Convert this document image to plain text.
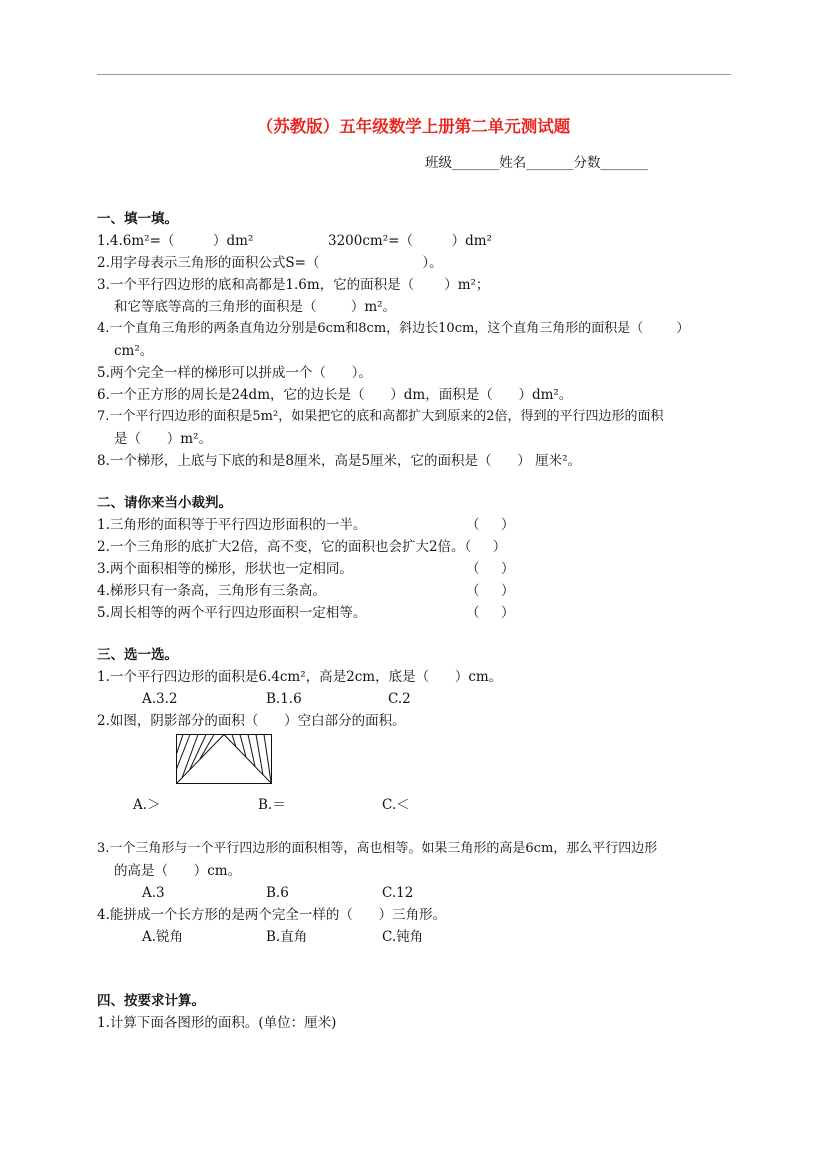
（苏教版）五年级数学上册第二单元测试题
班级_______姓名_______分数_______
一、填一填。
1.4.6m²=（         ）dm²	3200cm²=（         ）dm²
2.用字母表示三角形的面积公式S=（                        ）。
3.一个平行四边形的底和高都是1.6m，它的面积是（       ）m²；
和它等底等高的三角形的面积是（        ）m²。
4.一个直角三角形的两条直角边分别是6cm和8cm，斜边长10cm，这个直角三角形的面积是（        ）
cm²。
5.两个完全一样的梯形可以拼成一个（      ）。
6.一个正方形的周长是24dm，它的边长是（      ）dm，面积是（      ）dm²。
7.一个平行四边形的面积是5m²，如果把它的底和高都扩大到原来的2倍，得到的平行四边形的面积
是（      ）m²。
8.一个梯形，上底与下底的和是8厘米，高是5厘米，它的面积是（      ） 厘米²。
二、请你来当小裁判。
1.三角形的面积等于平行四边形面积的一半。	（     ）
2.一个三角形的底扩大2倍，高不变，它的面积也会扩大2倍。（     ）
3.两个面积相等的梯形，形状也一定相同。	（     ）
4.梯形只有一条高，三角形有三条高。	（     ）
5.周长相等的两个平行四边形面积一定相等。	（     ）
三、选一选。
1.一个平行四边形的面积是6.4cm²，高是2cm，底是（      ）cm。
A.3.2	B.1.6	C.2
2.如图，阴影部分的面积（      ）空白部分的面积。
A.＞	B.＝	C.＜
3.一个三角形与一个平行四边形的面积相等，高也相等。如果三角形的高是6cm，那么平行四边形
的高是（      ）cm。
A.3	B.6	C.12
4.能拼成一个长方形的是两个完全一样的（      ）三角形。
A.锐角	B.直角	C.钝角
四、按要求计算。
1.计算下面各图形的面积。(单位：厘米)
